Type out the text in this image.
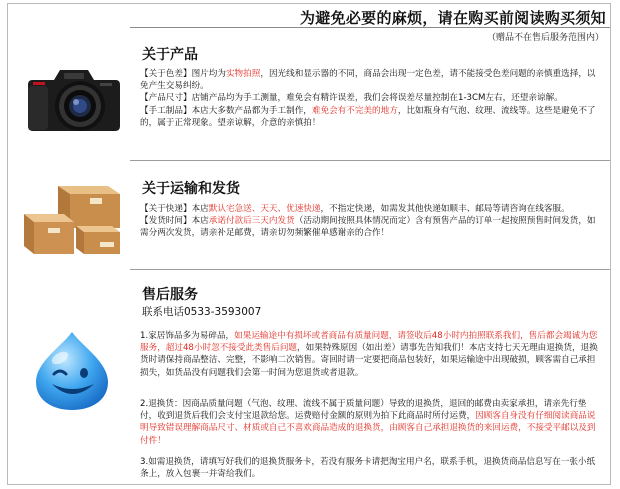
为避免必要的麻烦，请在购买前阅读购买须知
（赠品不在售后服务范围内）
关于产品

【关于色差】图片均为实物拍照，因光线和显示器的不同，商品会出现一定色差，请不能接受色差问题的亲慎重选择，以免产生交易纠纷。

【产品尺寸】店铺产品均为手工测量，难免会有精许误差，我们会将误差尽量控制在1-3CM左右，还望亲谅解。

【手工制品】本店大多数产品都为手工制作，难免会有不完美的地方，比如瓶身有气泡、纹理、流线等。这些是避免不了的，属于正常现象。望亲谅解，介意的亲慎拍！

关于运输和发货

【关于快递】本店默认宅急送、天天、优速快递，不指定快递，如需发其他快递如顺丰、邮局等请咨询在线客服。

【发货时间】本店承诺付款后三天内发货（活动期间按照具体情况而定）含有预售产品的订单一起按照预售时间发货，如需分两次发货，请亲补足邮费，请亲切勿频繁催单感谢亲的合作！

售后服务
联系电话0533-3593007

1.家居饰品多为易碎品，如果运输途中有损坏或者商品有质量问题，请签收后48小时内拍照联系我们，售后都会竭诚为您服务，超过48小时忽不接受此类售后问题，如果特殊原因（如出差）请事先告知我们！本店支持七天无理由退换货，退换货时请保持商品整洁、完整，不影响二次销售。寄回时请一定要把商品包装好，如果运输途中出现破损，顾客需自己承担损失，如货品没有问题我们会第一时间为您退货或者退款。

2.退换货：因商品质量问题（气泡、纹理、流线不属于质量问题）导致的退换货，退回的邮费由卖家承担，请亲先行垫付，收到退货后我们会支付宝退款给您。运费赔付金额的原则为拍下此商品时所付运费，因顾客自身没有仔细阅读商品说明导致错误理解商品尺寸、材质或自己不喜欢商品造成的退换货，由顾客自己承担退换货的来回运费，不接受平邮以及到付件！

3.如需退换货，请填写好我们的退换货服务卡，若没有服务卡请把淘宝用户名，联系手机，退换货商品信息写在一张小纸条上，放入包裹一并寄给我们。
